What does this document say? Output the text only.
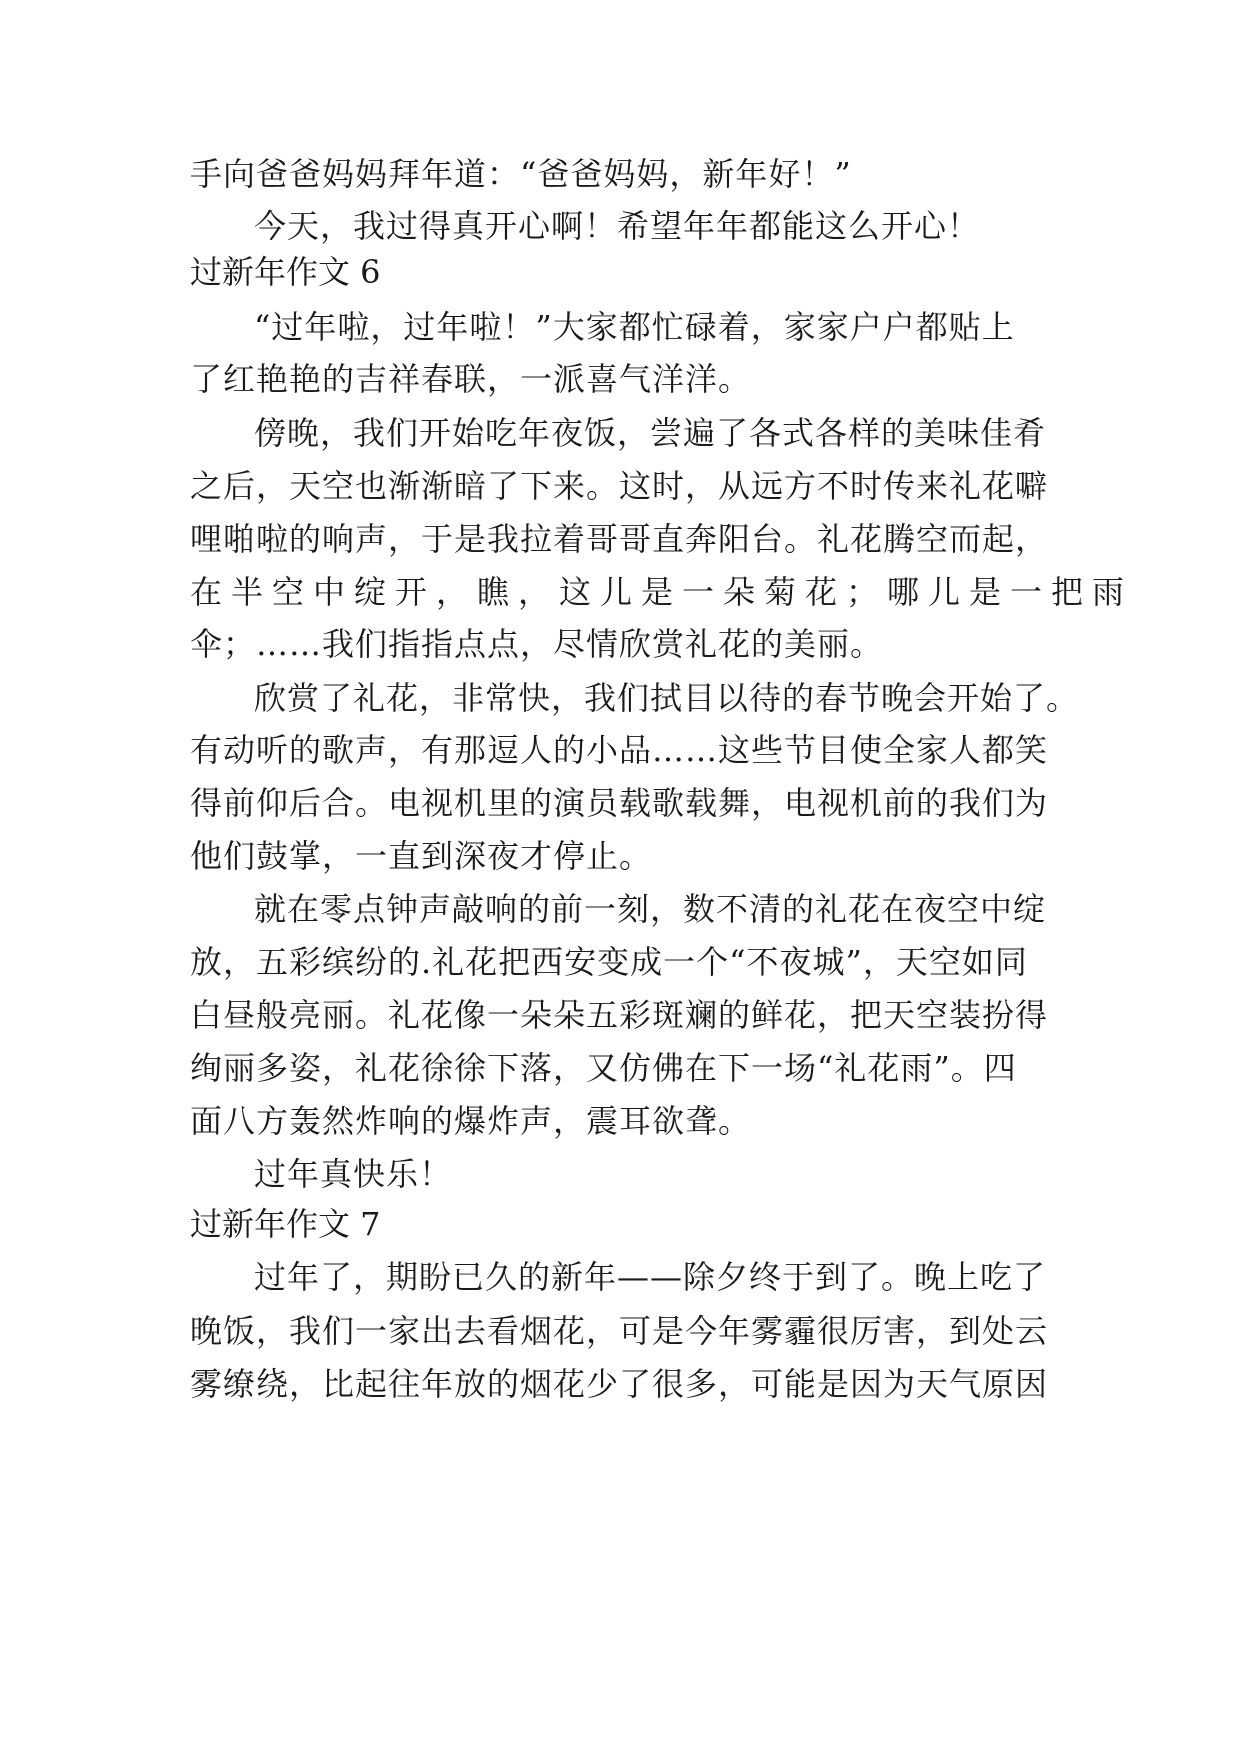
手向爸爸妈妈拜年道：“爸爸妈妈，新年好！”
今天，我过得真开心啊！希望年年都能这么开心！
过新年作文 6
“过年啦，过年啦！”大家都忙碌着，家家户户都贴上
了红艳艳的吉祥春联，一派喜气洋洋。
傍晚，我们开始吃年夜饭，尝遍了各式各样的美味佳肴
之后，天空也渐渐暗了下来。这时，从远方不时传来礼花噼
哩啪啦的响声，于是我拉着哥哥直奔阳台。礼花腾空而起，
在半空中绽开，瞧，这儿是一朵菊花；哪儿是一把雨
伞；……我们指指点点，尽情欣赏礼花的美丽。
欣赏了礼花，非常快，我们拭目以待的春节晚会开始了。
有动听的歌声，有那逗人的小品……这些节目使全家人都笑
得前仰后合。电视机里的演员载歌载舞，电视机前的我们为
他们鼓掌，一直到深夜才停止。
就在零点钟声敲响的前一刻，数不清的礼花在夜空中绽
放，五彩缤纷的.礼花把西安变成一个“不夜城”，天空如同
白昼般亮丽。礼花像一朵朵五彩斑斓的鲜花，把天空装扮得
绚丽多姿，礼花徐徐下落，又仿佛在下一场“礼花雨”。四
面八方轰然炸响的爆炸声，震耳欲聋。
过年真快乐！
过新年作文 7
过年了，期盼已久的新年——除夕终于到了。晚上吃了
晚饭，我们一家出去看烟花，可是今年雾霾很厉害，到处云
雾缭绕，比起往年放的烟花少了很多，可能是因为天气原因
